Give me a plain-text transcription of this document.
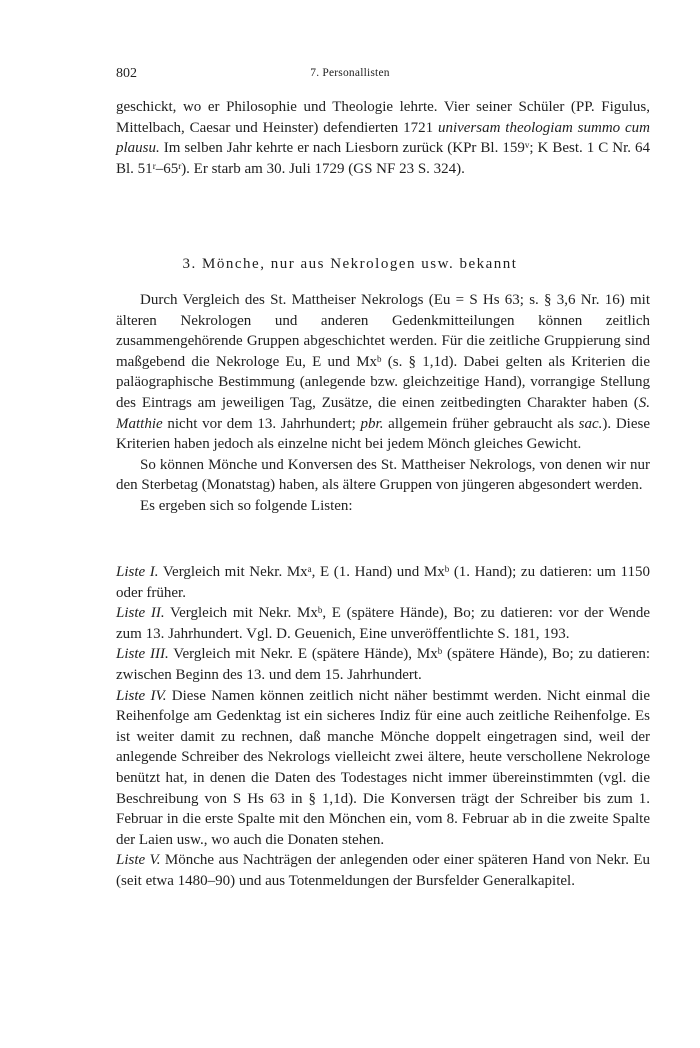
802	7. Personallisten

geschickt, wo er Philosophie und Theologie lehrte. Vier seiner Schüler (PP. Figulus, Mittelbach, Caesar und Heinster) defendierten 1721 universam theologiam summo cum plausu. Im selben Jahr kehrte er nach Liesborn zurück (KPr Bl. 159$^v$; K Best. 1 C Nr. 64 Bl. 51$^r$–65$^r$). Er starb am 30. Juli 1729 (GS NF 23 S. 324).

3. Mönche, nur aus Nekrologen usw. bekannt

Durch Vergleich des St. Mattheiser Nekrologs (Eu = S Hs 63; s. § 3,6 Nr. 16) mit älteren Nekrologen und anderen Gedenkmitteilungen können zeitlich zusammengehörende Gruppen abgeschichtet werden. Für die zeitliche Gruppierung sind maßgebend die Nekrologe Eu, E und Mx$^b$ (s. § 1,1d). Dabei gelten als Kriterien die paläographische Bestimmung (anlegende bzw. gleichzeitige Hand), vorrangige Stellung des Eintrags am jeweiligen Tag, Zusätze, die einen zeitbedingten Charakter haben (S. Matthie nicht vor dem 13. Jahrhundert; pbr. allgemein früher gebraucht als sac.). Diese Kriterien haben jedoch als einzelne nicht bei jedem Mönch gleiches Gewicht.

So können Mönche und Konversen des St. Mattheiser Nekrologs, von denen wir nur den Sterbetag (Monatstag) haben, als ältere Gruppen von jüngeren abgesondert werden.

Es ergeben sich so folgende Listen:

Liste I. Vergleich mit Nekr. Mx$^a$, E (1. Hand) und Mx$^b$ (1. Hand); zu datieren: um 1150 oder früher.

Liste II. Vergleich mit Nekr. Mx$^b$, E (spätere Hände), Bo; zu datieren: vor der Wende zum 13. Jahrhundert. Vgl. D. Geuenich, Eine unveröffentlichte S. 181, 193.

Liste III. Vergleich mit Nekr. E (spätere Hände), Mx$^b$ (spätere Hände), Bo; zu datieren: zwischen Beginn des 13. und dem 15. Jahrhundert.

Liste IV. Diese Namen können zeitlich nicht näher bestimmt werden. Nicht einmal die Reihenfolge am Gedenktag ist ein sicheres Indiz für eine auch zeitliche Reihenfolge. Es ist weiter damit zu rechnen, daß manche Mönche doppelt eingetragen sind, weil der anlegende Schreiber des Nekrologs vielleicht zwei ältere, heute verschollene Nekrologe benützt hat, in denen die Daten des Todestages nicht immer übereinstimmten (vgl. die Beschreibung von S Hs 63 in § 1,1d). Die Konversen trägt der Schreiber bis zum 1. Februar in die erste Spalte mit den Mönchen ein, vom 8. Februar ab in die zweite Spalte der Laien usw., wo auch die Donaten stehen.

Liste V. Mönche aus Nachträgen der anlegenden oder einer späteren Hand von Nekr. Eu (seit etwa 1480–90) und aus Totenmeldungen der Bursfelder Generalkapitel.
